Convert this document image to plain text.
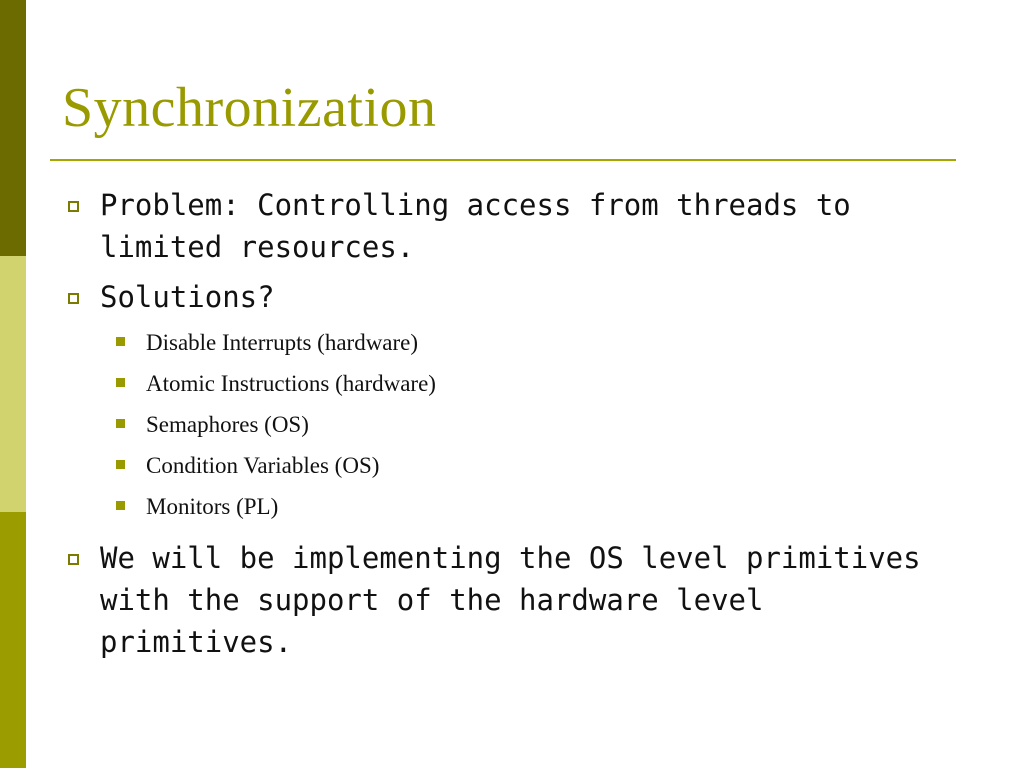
Synchronization
Problem: Controlling access from threads to limited resources.
Solutions?
Disable Interrupts (hardware)
Atomic Instructions (hardware)
Semaphores (OS)
Condition Variables (OS)
Monitors (PL)
We will be implementing the OS level primitives with the support of the hardware level primitives.
